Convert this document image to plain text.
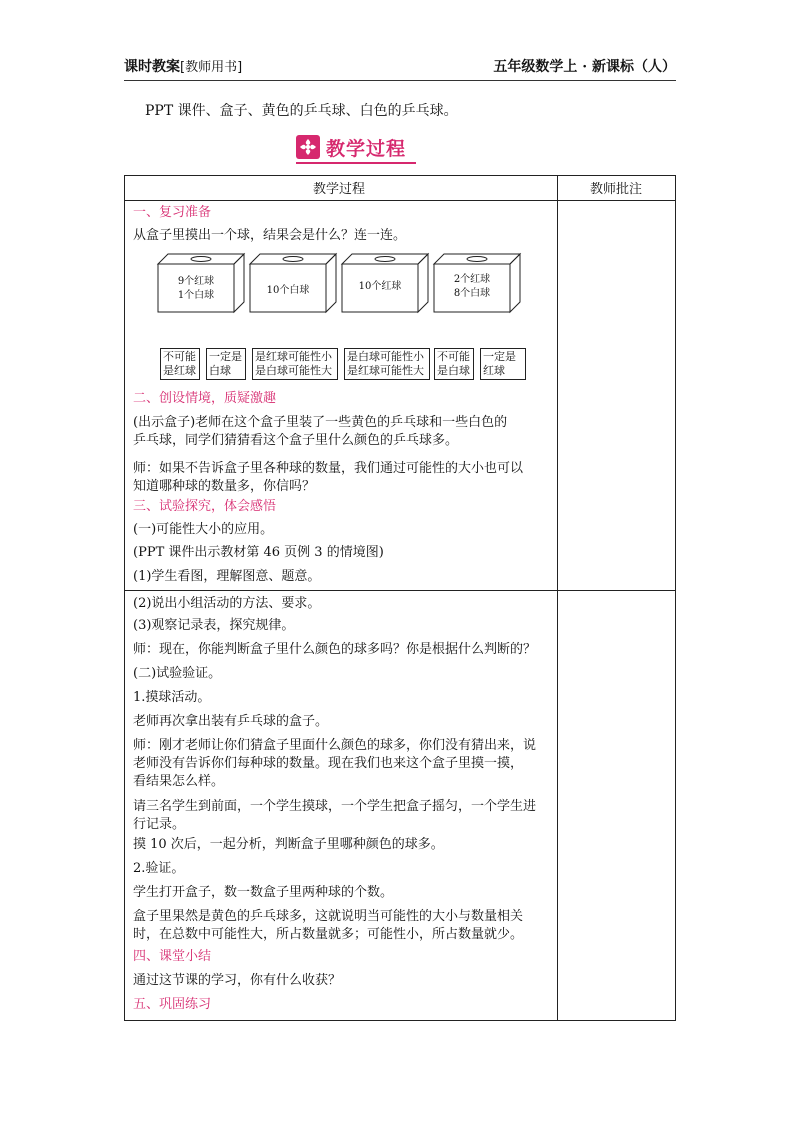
课时教案[教师用书]	五年级数学上 · 新课标（人）
PPT 课件、盒子、黄色的乒乓球、白色的乒乓球。
教学过程
教学过程	教师批注
一、复习准备
从盒子里摸出一个球，结果会是什么？连一连。
9个红球
1个白球	10个白球	10个红球
2个红球
8个白球
不可能
是红球
一定是
白球
是红球可能性小
是白球可能性大
是白球可能性小
是红球可能性大
不可能
是白球
一定是
红球
二、创设情境，质疑激趣
(出示盒子)老师在这个盒子里装了一些黄色的乒乓球和一些白色的
乒乓球，同学们猜猜看这个盒子里什么颜色的乒乓球多。
师：如果不告诉盒子里各种球的数量，我们通过可能性的大小也可以
知道哪种球的数量多，你信吗？
三、试验探究，体会感悟
(一)可能性大小的应用。
(PPT 课件出示教材第 46 页例 3 的情境图)
(1)学生看图，理解图意、题意。
(2)说出小组活动的方法、要求。
(3)观察记录表，探究规律。
师：现在，你能判断盒子里什么颜色的球多吗？你是根据什么判断的？
(二)试验验证。
1.摸球活动。
老师再次拿出装有乒乓球的盒子。
师：刚才老师让你们猜盒子里面什么颜色的球多，你们没有猜出来，说
老师没有告诉你们每种球的数量。现在我们也来这个盒子里摸一摸，
看结果怎么样。
请三名学生到前面，一个学生摸球，一个学生把盒子摇匀，一个学生进
行记录。
摸 10 次后，一起分析，判断盒子里哪种颜色的球多。
2.验证。
学生打开盒子，数一数盒子里两种球的个数。
盒子里果然是黄色的乒乓球多，这就说明当可能性的大小与数量相关
时，在总数中可能性大，所占数量就多；可能性小，所占数量就少。
四、课堂小结
通过这节课的学习，你有什么收获？
五、巩固练习
